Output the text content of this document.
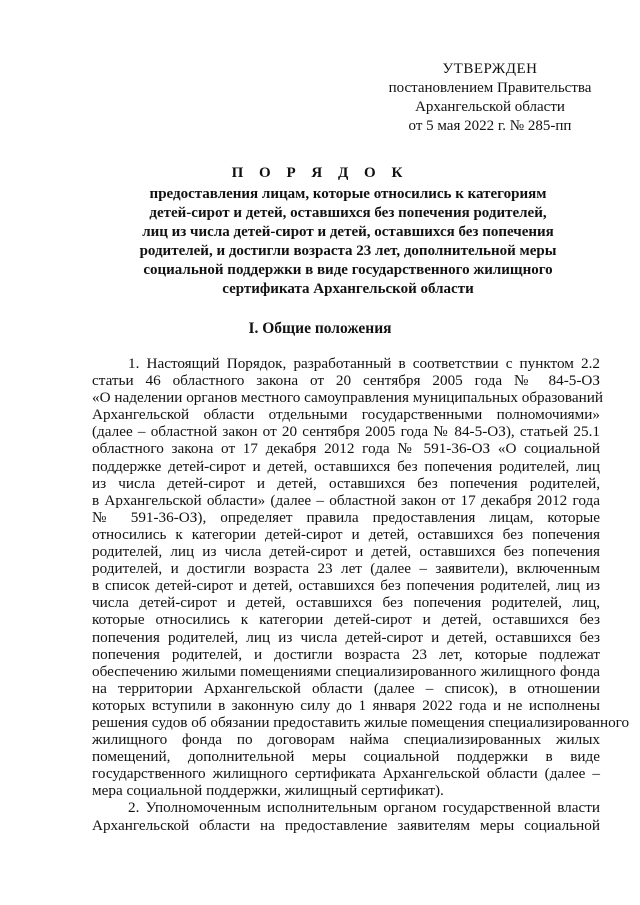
УТВЕРЖДЕН
постановлением Правительства
Архангельской области
от 5 мая 2022 г. № 285-пп
П О Р Я Д О К
предоставления лицам, которые относились к категориям
детей-сирот и детей, оставшихся без попечения родителей,
лиц из числа детей-сирот и детей, оставшихся без попечения
родителей, и достигли возраста 23 лет, дополнительной меры
социальной поддержки в виде государственного жилищного
сертификата Архангельской области
I. Общие положения
1. Настоящий Порядок, разработанный в соответствии с пунктом 2.2
статьи 46 областного закона от 20 сентября 2005 года № 84-5-ОЗ
«О наделении органов местного самоуправления муниципальных образований
Архангельской области отдельными государственными полномочиями»
(далее – областной закон от 20 сентября 2005 года № 84-5-ОЗ), статьей 25.1
областного закона от 17 декабря 2012 года № 591-36-ОЗ «О социальной
поддержке детей-сирот и детей, оставшихся без попечения родителей, лиц
из числа детей-сирот и детей, оставшихся без попечения родителей,
в Архангельской области» (далее – областной закон от 17 декабря 2012 года
№ 591-36-ОЗ), определяет правила предоставления лицам, которые
относились к категории детей-сирот и детей, оставшихся без попечения
родителей, лиц из числа детей-сирот и детей, оставшихся без попечения
родителей, и достигли возраста 23 лет (далее – заявители), включенным
в список детей-сирот и детей, оставшихся без попечения родителей, лиц из
числа детей-сирот и детей, оставшихся без попечения родителей, лиц,
которые относились к категории детей-сирот и детей, оставшихся без
попечения родителей, лиц из числа детей-сирот и детей, оставшихся без
попечения родителей, и достигли возраста 23 лет, которые подлежат
обеспечению жилыми помещениями специализированного жилищного фонда
на территории Архангельской области (далее – список), в отношении
которых вступили в законную силу до 1 января 2022 года и не исполнены
решения судов об обязании предоставить жилые помещения специализированного
жилищного фонда по договорам найма специализированных жилых
помещений, дополнительной меры социальной поддержки в виде
государственного жилищного сертификата Архангельской области (далее –
мера социальной поддержки, жилищный сертификат).
2. Уполномоченным исполнительным органом государственной власти
Архангельской области на предоставление заявителям меры социальной
